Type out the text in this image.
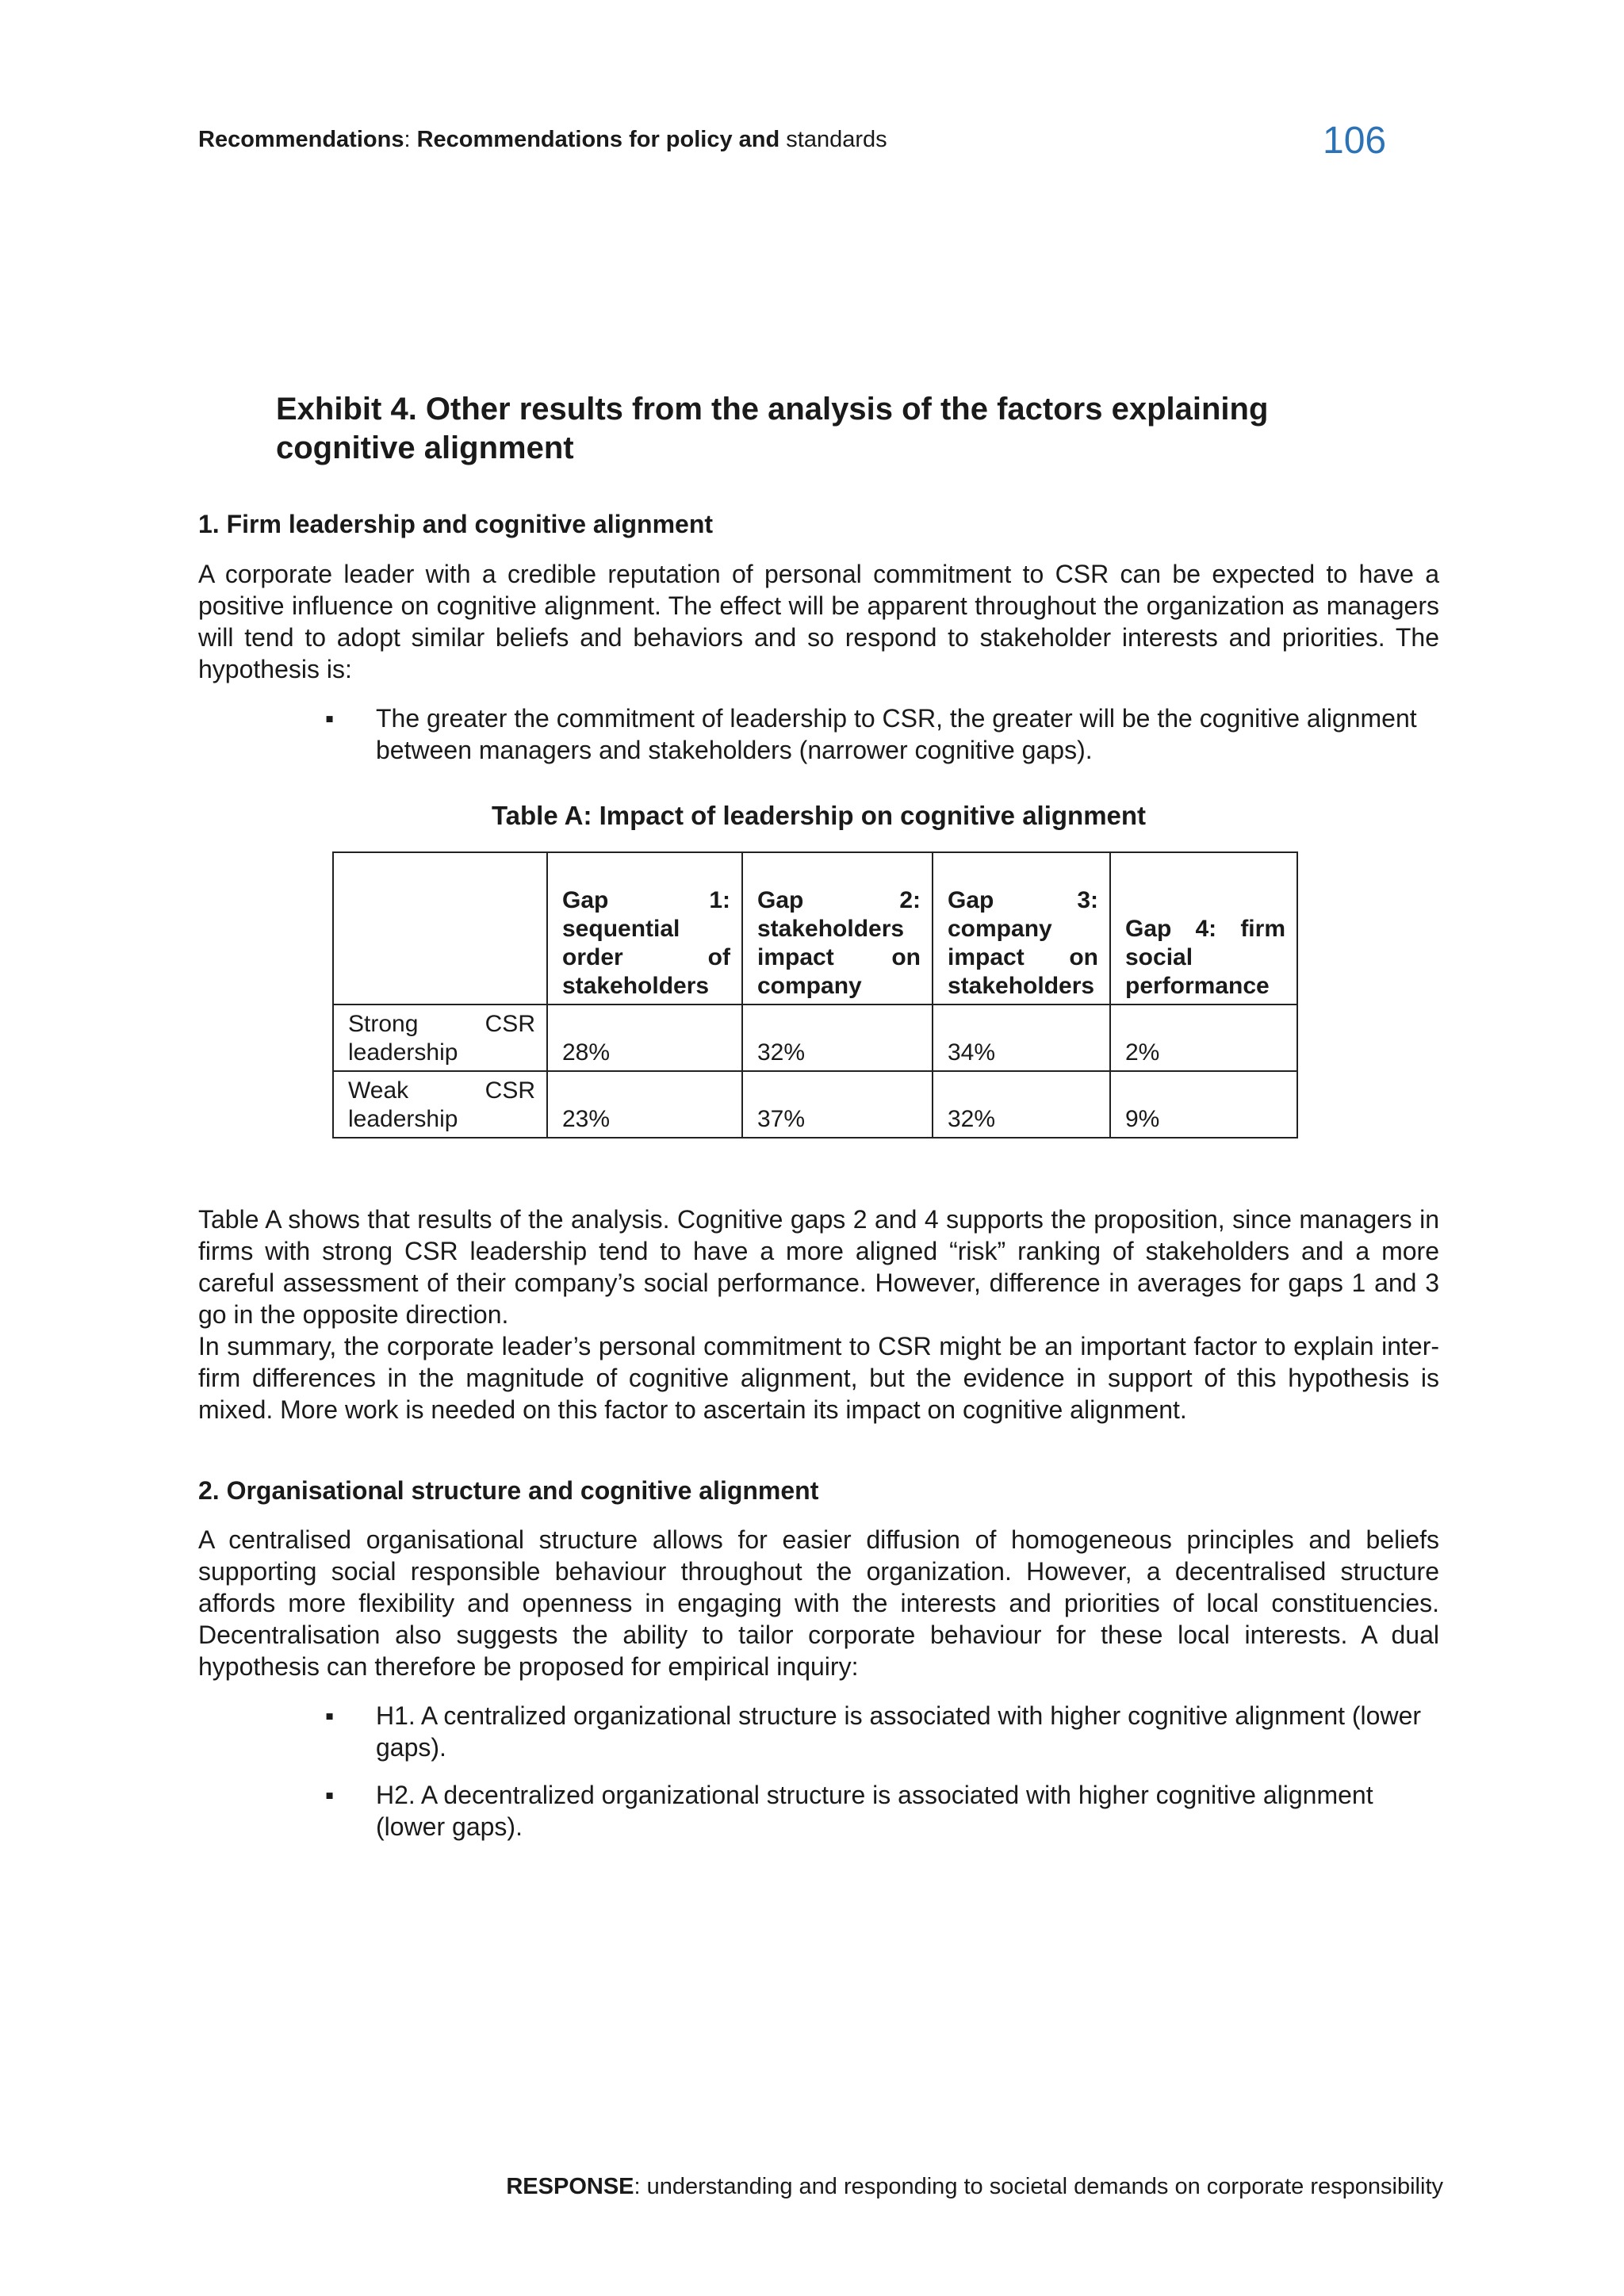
Recommendations: Recommendations for policy and standards	106
Exhibit 4. Other results from the analysis of the factors explaining
cognitive alignment
1. Firm leadership and cognitive alignment
A corporate leader with a credible reputation of personal commitment to CSR can be expected to have a positive influence on cognitive alignment. The effect will be apparent throughout the organization as managers will tend to adopt similar beliefs and behaviors and so respond to stakeholder interests and priorities. The hypothesis is:
▪	The greater the commitment of leadership to CSR, the greater will be the cognitive alignment between managers and stakeholders (narrower cognitive gaps).
Table A: Impact of leadership on cognitive alignment
	Gap 1: sequential order of stakeholders	Gap 2: stakeholders impact on company	Gap 3: company impact on stakeholders	Gap 4: firm social performance
Strong CSR leadership	28%	32%	34%	2%
Weak CSR leadership	23%	37%	32%	9%
Table A shows that results of the analysis. Cognitive gaps 2 and 4 supports the proposition, since managers in firms with strong CSR leadership tend to have a more aligned “risk” ranking of stakeholders and a more careful assessment of their company’s social performance. However, difference in averages for gaps 1 and 3 go in the opposite direction.
In summary, the corporate leader’s personal commitment to CSR might be an important factor to explain inter-firm differences in the magnitude of cognitive alignment, but the evidence in support of this hypothesis is mixed. More work is needed on this factor to ascertain its impact on cognitive alignment.
2. Organisational structure and cognitive alignment
A centralised organisational structure allows for easier diffusion of homogeneous principles and beliefs supporting social responsible behaviour throughout the organization. However, a decentralised structure affords more flexibility and openness in engaging with the interests and priorities of local constituencies. Decentralisation also suggests the ability to tailor corporate behaviour for these local interests. A dual hypothesis can therefore be proposed for empirical inquiry:
▪	H1. A centralized organizational structure is associated with higher cognitive alignment (lower gaps).
▪	H2. A decentralized organizational structure is associated with higher cognitive alignment (lower gaps).
RESPONSE: understanding and responding to societal demands on corporate responsibility
